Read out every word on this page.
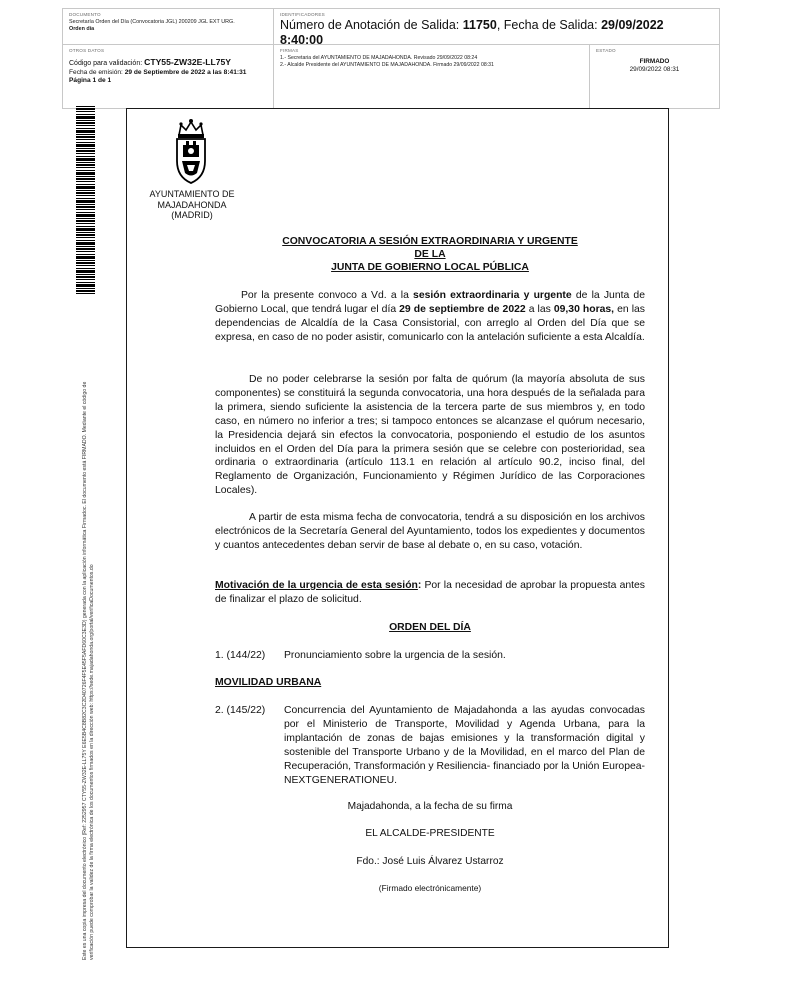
DOCUMENTO
Secretaría Orden del Día (Convocatoria JGL) 200209 JGL EXT URG.
Orden día
IDENTIFICADORES
Número de Anotación de Salida: 11750, Fecha de Salida: 29/09/2022
8:40:00
OTROS DATOS
Código para validación: CTY55-ZW32E-LL75Y
Fecha de emisión: 29 de Septiembre de 2022 a las 8:41:31
Página 1 de 1
FIRMAS
1.- Secretaria del AYUNTAMIENTO DE MAJADAHONDA. Revisado 29/09/2022 08:24
2.- Alcalde Presidente del AYUNTAMIENTO DE MAJADAHONDA. Firmado 29/09/2022 08:31
ESTADO
FIRMADO
29/09/2022 08:31
Este es una copia impresa del documento electrónico (Ref: 2252957 CTY55-ZW32E-LL75Y E6E5B4C8B82C3C2D40726F4F5E45F5AFD60C3E3D) generada con la aplicación informática Firmadoc. El documento está FIRMADO. Mediante el código de verificación puede comprobar la validez de la firma electrónica de los documentos firmados en la dirección web: https://sede.majadahonda.org/portal/verificaDocumentos.do
AYUNTAMIENTO DE
MAJADAHONDA
(MADRID)
CONVOCATORIA A SESIÓN EXTRAORDINARIA Y URGENTE
DE LA
JUNTA DE GOBIERNO LOCAL PÚBLICA

Por la presente convoco a Vd. a la sesión extraordinaria y urgente de la Junta de Gobierno Local, que tendrá lugar el día 29 de septiembre de 2022 a las 09,30 horas, en las dependencias de Alcaldía de la Casa Consistorial, con arreglo al Orden del Día que se expresa, en caso de no poder asistir, comunicarlo con la antelación suficiente a esta Alcaldía.

De no poder celebrarse la sesión por falta de quórum (la mayoría absoluta de sus componentes) se constituirá la segunda convocatoria, una hora después de la señalada para la primera, siendo suficiente la asistencia de la tercera parte de sus miembros y, en todo caso, en número no inferior a tres; si tampoco entonces se alcanzase el quórum necesario, la Presidencia dejará sin efectos la convocatoria, posponiendo el estudio de los asuntos incluidos en el Orden del Día para la primera sesión que se celebre con posterioridad, sea ordinaria o extraordinaria (artículo 113.1 en relación al artículo 90.2, inciso final, del Reglamento de Organización, Funcionamiento y Régimen Jurídico de las Corporaciones Locales).

A partir de esta misma fecha de convocatoria, tendrá a su disposición en los archivos electrónicos de la Secretaría General del Ayuntamiento, todos los expedientes y documentos y cuantos antecedentes deban servir de base al debate o, en su caso, votación.

Motivación de la urgencia de esta sesión: Por la necesidad de aprobar la propuesta antes de finalizar el plazo de solicitud.

ORDEN DEL DÍA

1. (144/22)	Pronunciamiento sobre la urgencia de la sesión.

MOVILIDAD URBANA

2. (145/22)	Concurrencia del Ayuntamiento de Majadahonda a las ayudas convocadas por el Ministerio de Transporte, Movilidad y Agenda Urbana, para la implantación de zonas de bajas emisiones y la transformación digital y sostenible del Transporte Urbano y de la Movilidad, en el marco del Plan de Recuperación, Transformación y Resiliencia- financiado por la Unión Europea- NEXTGENERATIONEU.
Majadahonda, a la fecha de su firma
EL ALCALDE-PRESIDENTE
Fdo.: José Luis Álvarez Ustarroz
(Firmado electrónicamente)
